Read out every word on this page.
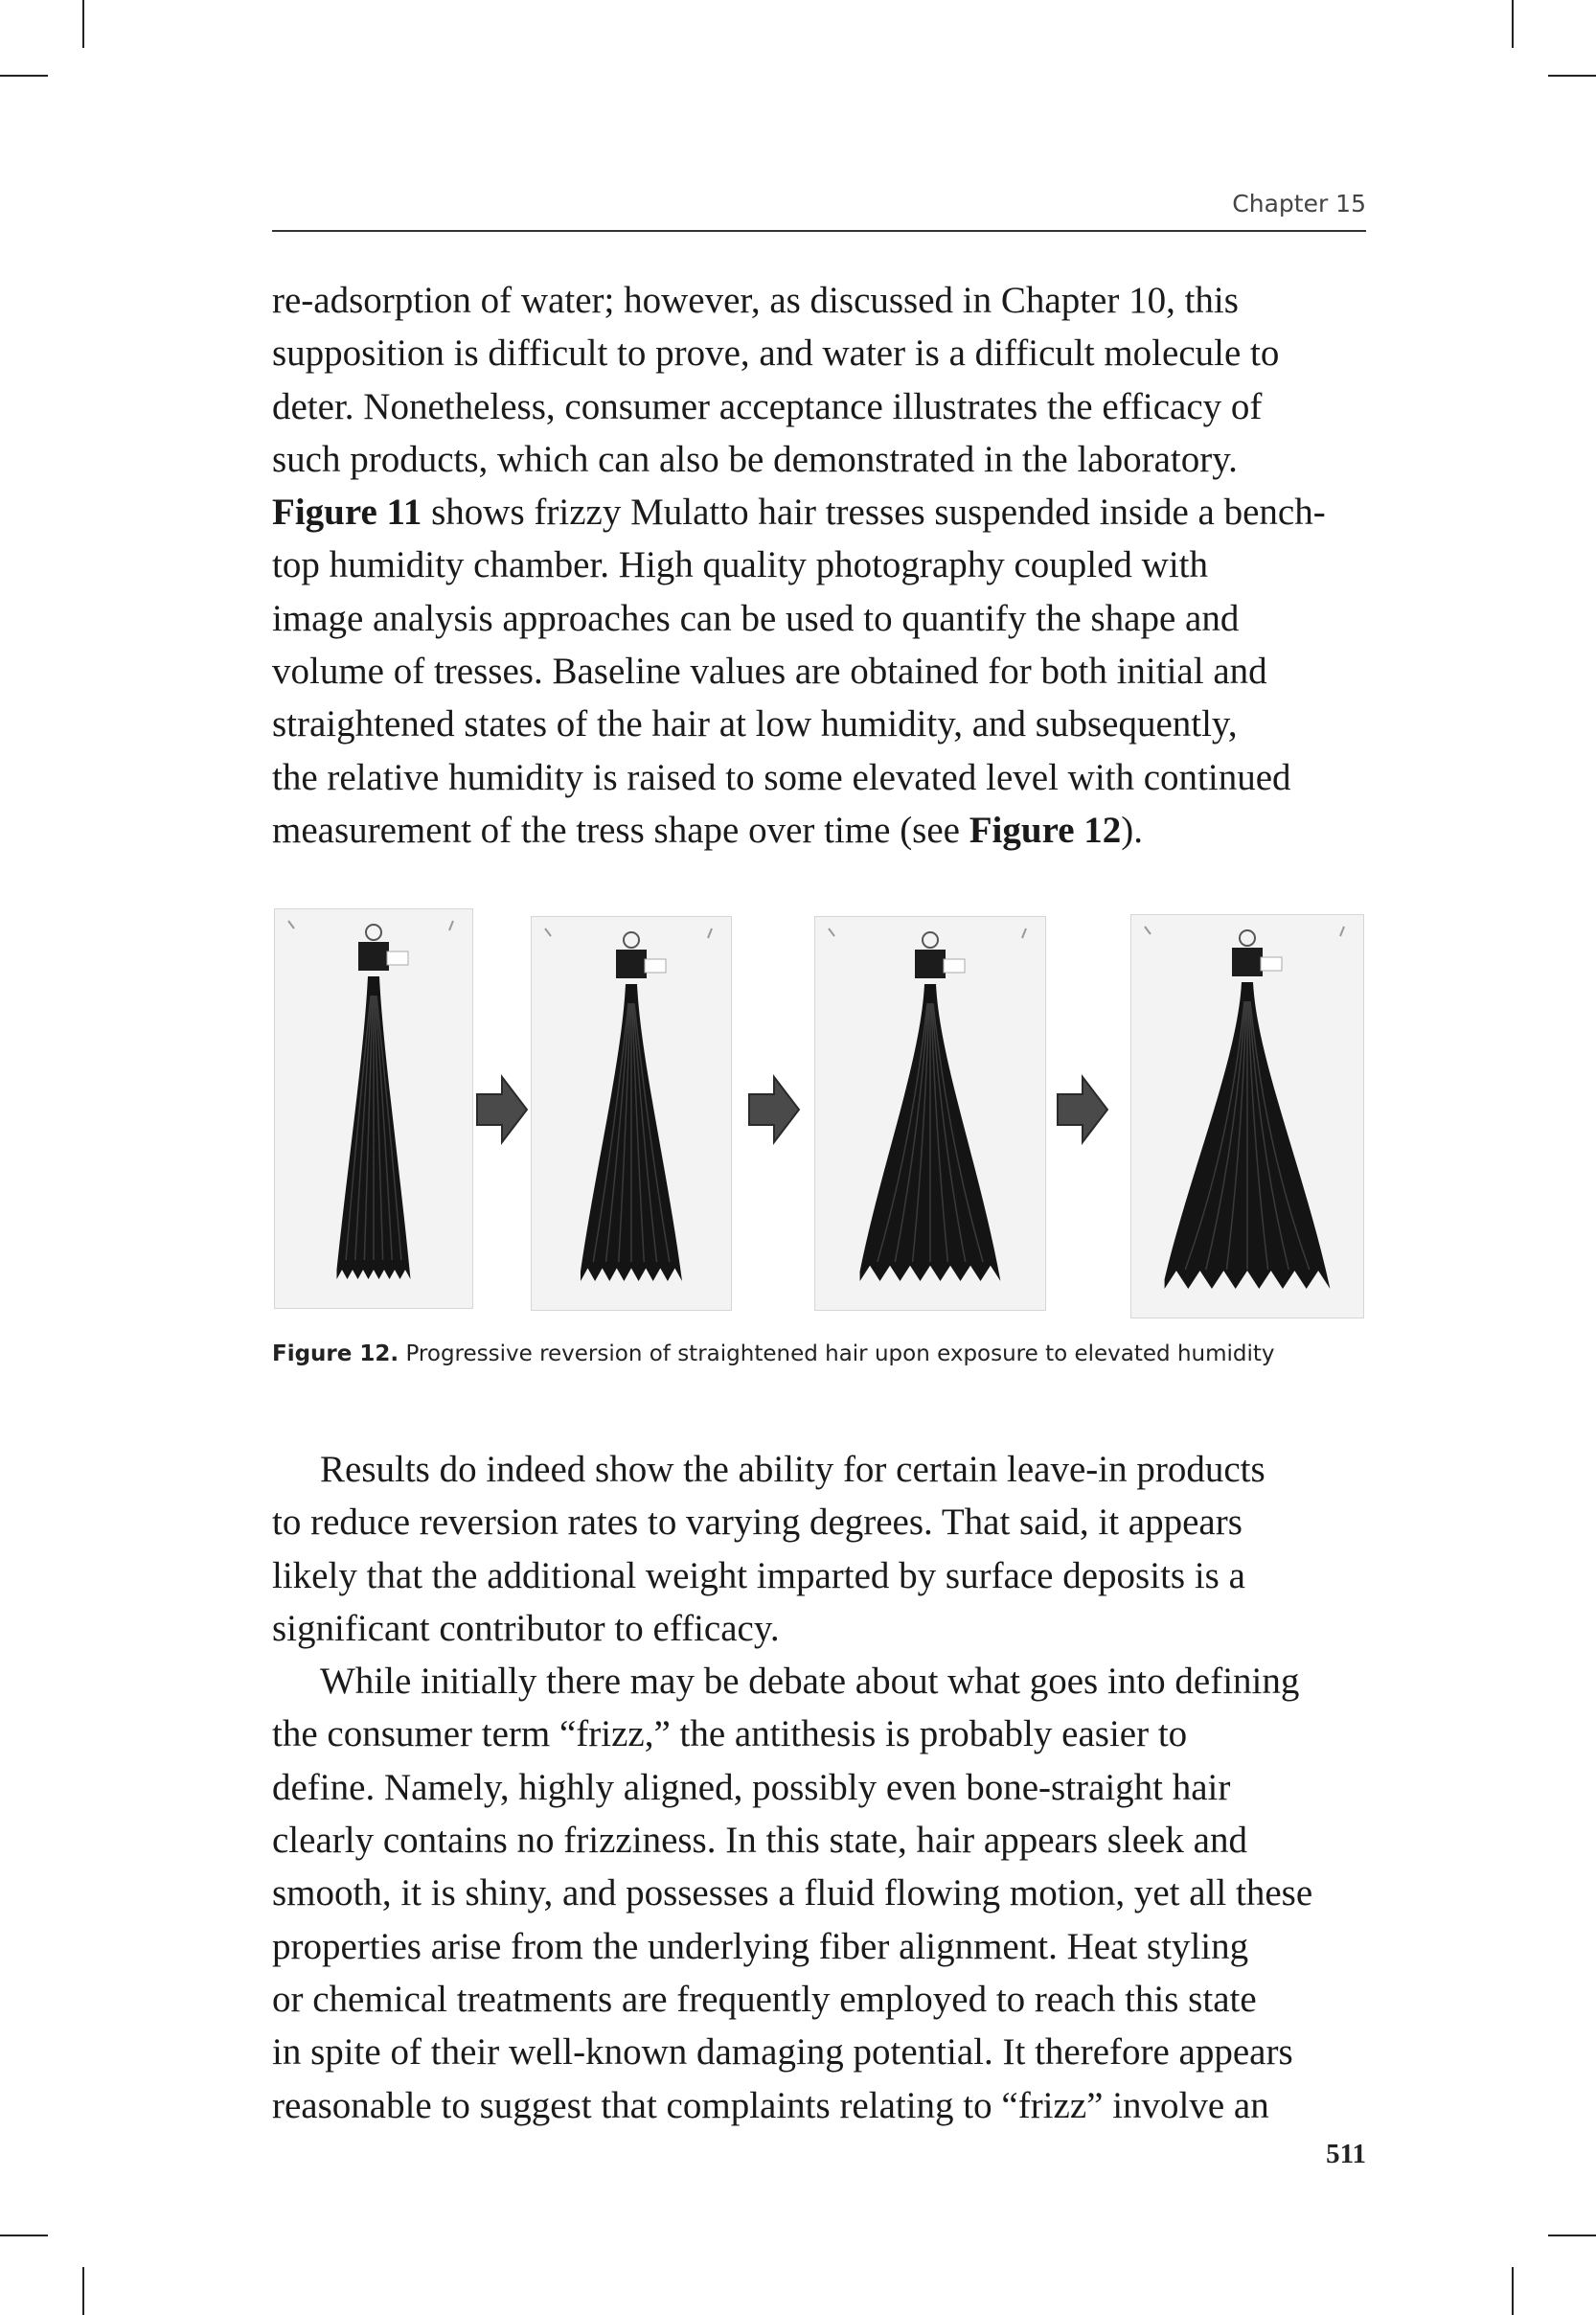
Chapter 15
re-adsorption of water; however, as discussed in Chapter 10, this
supposition is difficult to prove, and water is a difficult molecule to
deter. Nonetheless, consumer acceptance illustrates the efficacy of
such products, which can also be demonstrated in the laboratory.
Figure 11 shows frizzy Mulatto hair tresses suspended inside a bench-
top humidity chamber. High quality photography coupled with
image analysis approaches can be used to quantify the shape and
volume of tresses. Baseline values are obtained for both initial and
straightened states of the hair at low humidity, and subsequently,
the relative humidity is raised to some elevated level with continued
measurement of the tress shape over time (see Figure 12).
Figure 12. Progressive reversion of straightened hair upon exposure to elevated humidity
Results do indeed show the ability for certain leave-in products
to reduce reversion rates to varying degrees. That said, it appears
likely that the additional weight imparted by surface deposits is a
significant contributor to efficacy.
While initially there may be debate about what goes into defining
the consumer term “frizz,” the antithesis is probably easier to
define. Namely, highly aligned, possibly even bone-straight hair
clearly contains no frizziness. In this state, hair appears sleek and
smooth, it is shiny, and possesses a fluid flowing motion, yet all these
properties arise from the underlying fiber alignment. Heat styling
or chemical treatments are frequently employed to reach this state
in spite of their well-known damaging potential. It therefore appears
reasonable to suggest that complaints relating to “frizz” involve an
511
